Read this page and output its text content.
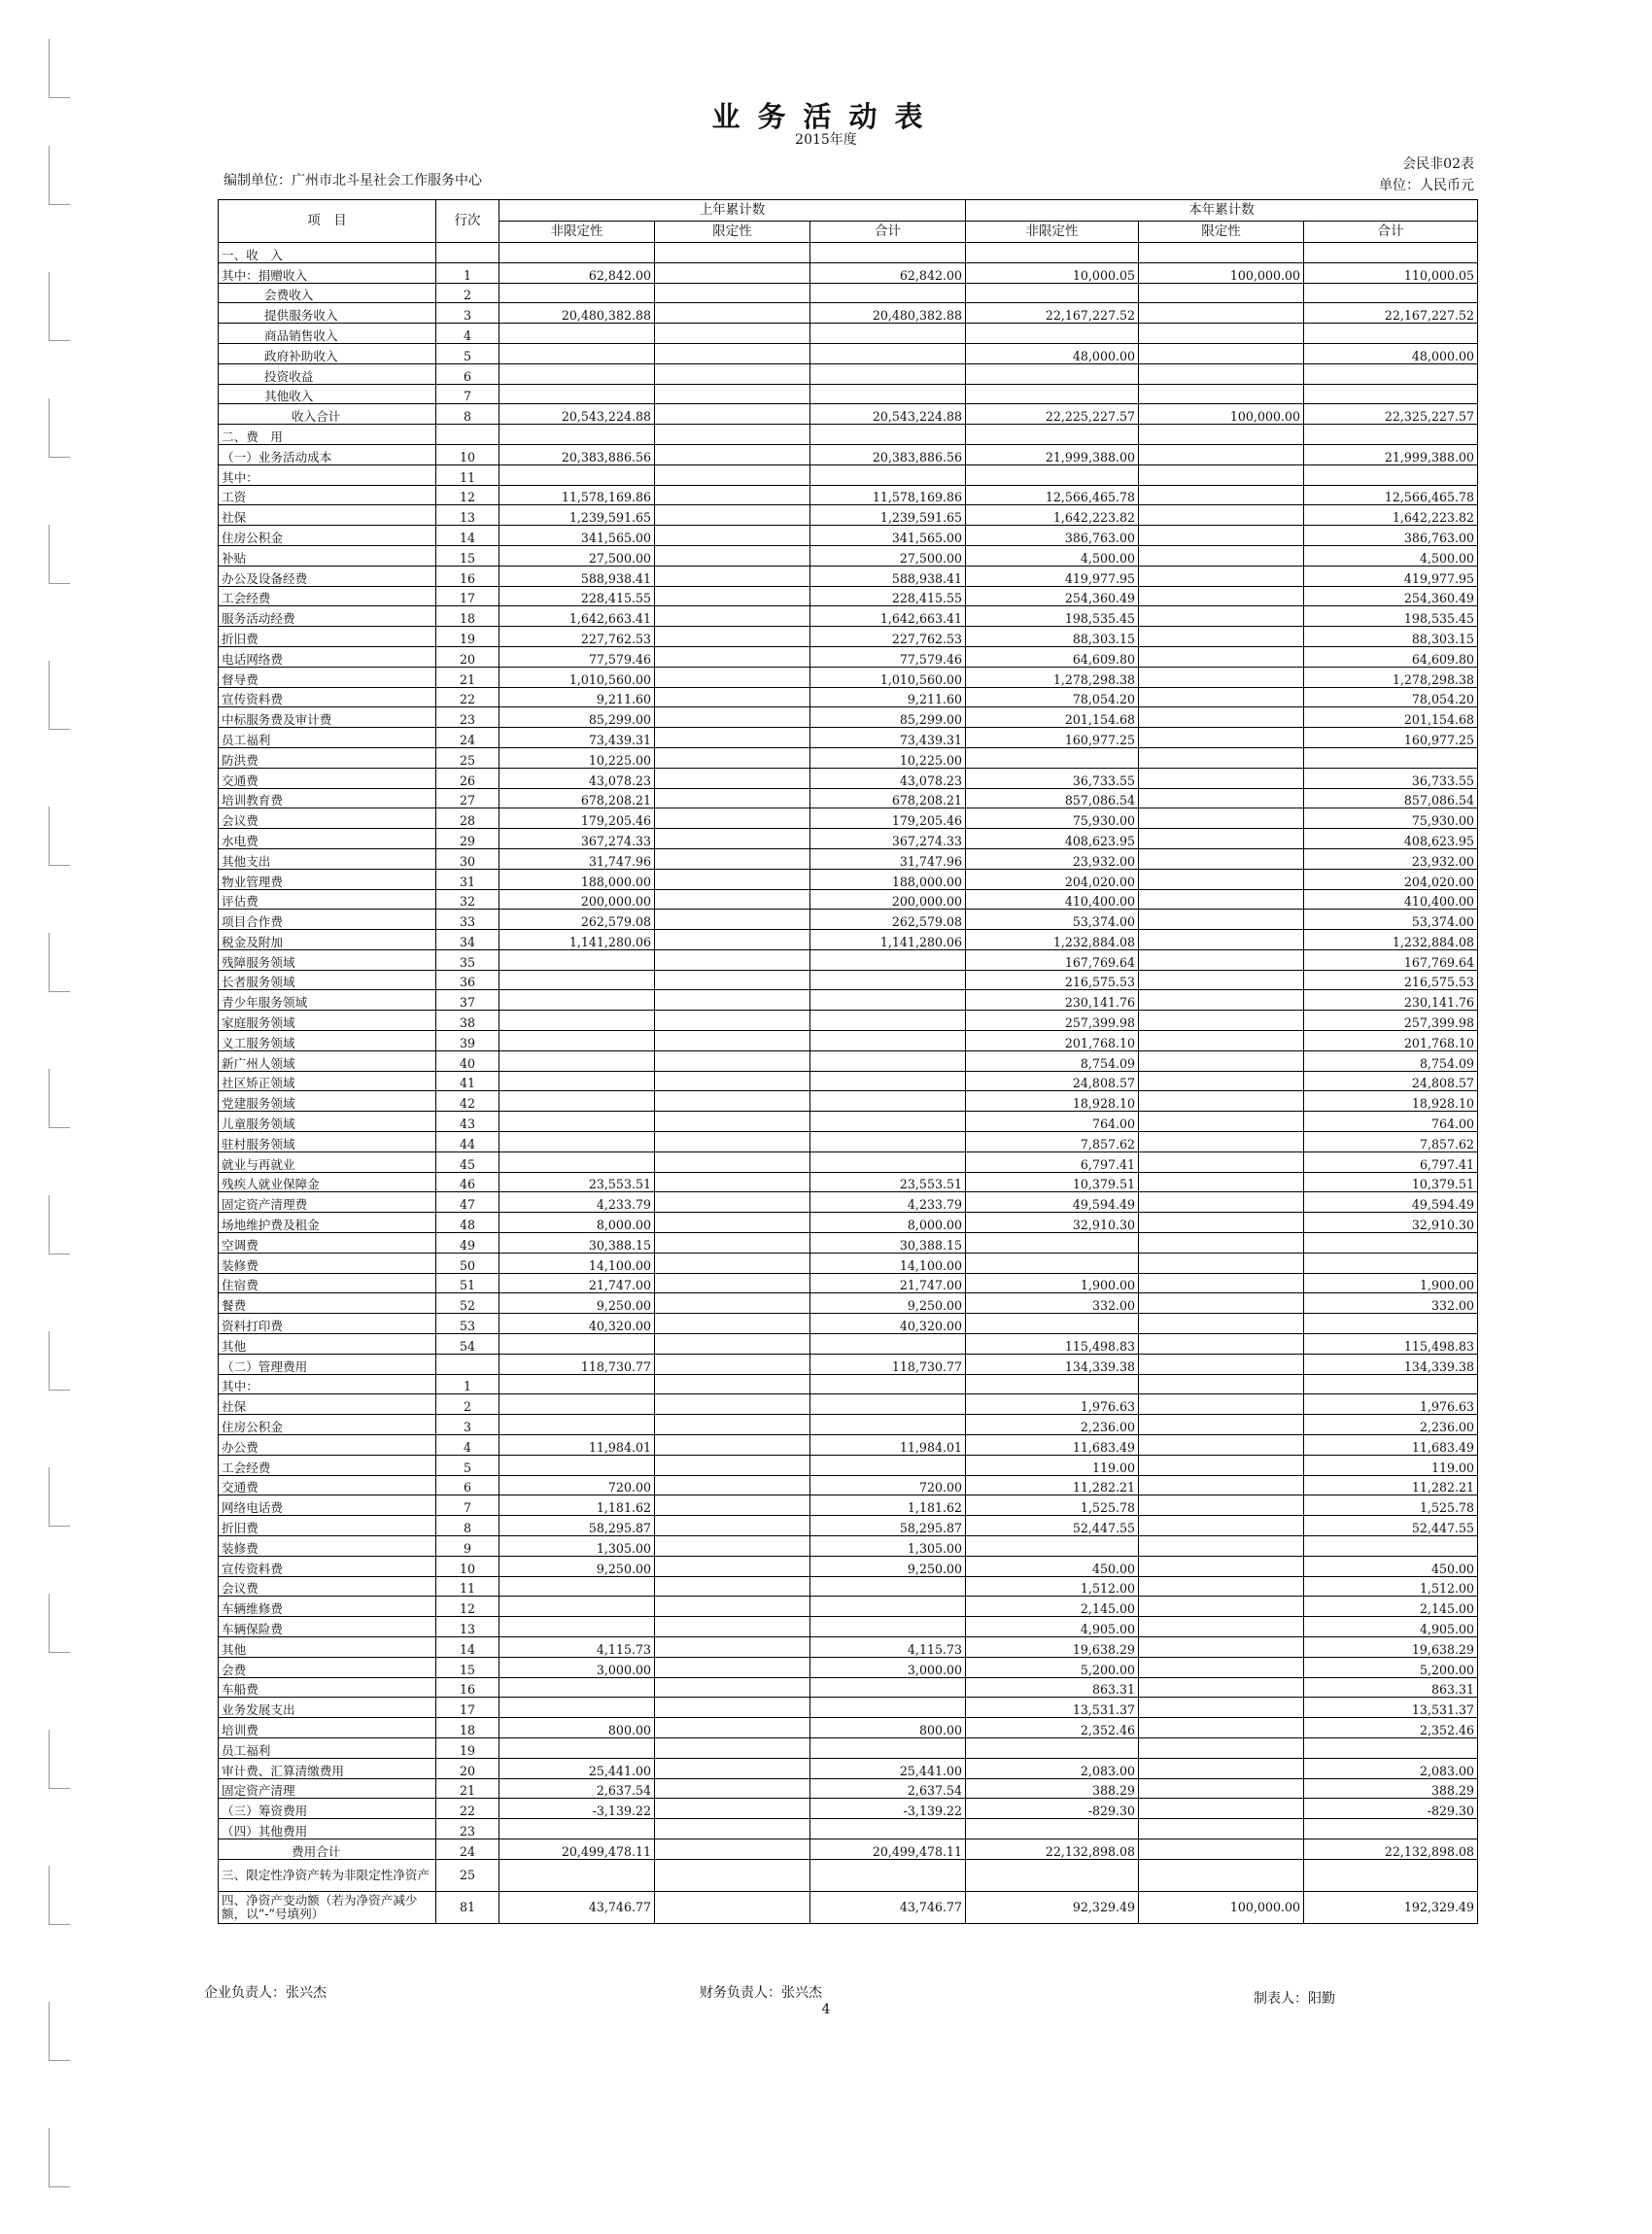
业务活动表
2015年度
会民非02表
编制单位：广州市北斗星社会工作服务中心	单位：人民币元
项　目	行次	上年累计数			本年累计数		
		非限定性	限定性	合计	非限定性	限定性	合计
一、收　入							
其中：捐赠收入	1	62,842.00		62,842.00	10,000.05	100,000.00	110,000.05
会费收入	2						
提供服务收入	3	20,480,382.88		20,480,382.88	22,167,227.52		22,167,227.52
商品销售收入	4						
政府补助收入	5				48,000.00		48,000.00
投资收益	6						
其他收入	7						
收入合计	8	20,543,224.88		20,543,224.88	22,225,227.57	100,000.00	22,325,227.57
二、费　用							
（一）业务活动成本	10	20,383,886.56		20,383,886.56	21,999,388.00		21,999,388.00
其中：	11						
工资	12	11,578,169.86		11,578,169.86	12,566,465.78		12,566,465.78
社保	13	1,239,591.65		1,239,591.65	1,642,223.82		1,642,223.82
住房公积金	14	341,565.00		341,565.00	386,763.00		386,763.00
补贴	15	27,500.00		27,500.00	4,500.00		4,500.00
办公及设备经费	16	588,938.41		588,938.41	419,977.95		419,977.95
工会经费	17	228,415.55		228,415.55	254,360.49		254,360.49
服务活动经费	18	1,642,663.41		1,642,663.41	198,535.45		198,535.45
折旧费	19	227,762.53		227,762.53	88,303.15		88,303.15
电话网络费	20	77,579.46		77,579.46	64,609.80		64,609.80
督导费	21	1,010,560.00		1,010,560.00	1,278,298.38		1,278,298.38
宣传资料费	22	9,211.60		9,211.60	78,054.20		78,054.20
中标服务费及审计费	23	85,299.00		85,299.00	201,154.68		201,154.68
员工福利	24	73,439.31		73,439.31	160,977.25		160,977.25
防洪费	25	10,225.00		10,225.00			
交通费	26	43,078.23		43,078.23	36,733.55		36,733.55
培训教育费	27	678,208.21		678,208.21	857,086.54		857,086.54
会议费	28	179,205.46		179,205.46	75,930.00		75,930.00
水电费	29	367,274.33		367,274.33	408,623.95		408,623.95
其他支出	30	31,747.96		31,747.96	23,932.00		23,932.00
物业管理费	31	188,000.00		188,000.00	204,020.00		204,020.00
评估费	32	200,000.00		200,000.00	410,400.00		410,400.00
项目合作费	33	262,579.08		262,579.08	53,374.00		53,374.00
税金及附加	34	1,141,280.06		1,141,280.06	1,232,884.08		1,232,884.08
残障服务领域	35				167,769.64		167,769.64
长者服务领域	36				216,575.53		216,575.53
青少年服务领域	37				230,141.76		230,141.76
家庭服务领域	38				257,399.98		257,399.98
义工服务领域	39				201,768.10		201,768.10
新广州人领域	40				8,754.09		8,754.09
社区矫正领域	41				24,808.57		24,808.57
党建服务领域	42				18,928.10		18,928.10
儿童服务领域	43				764.00		764.00
驻村服务领域	44				7,857.62		7,857.62
就业与再就业	45				6,797.41		6,797.41
残疾人就业保障金	46	23,553.51		23,553.51	10,379.51		10,379.51
固定资产清理费	47	4,233.79		4,233.79	49,594.49		49,594.49
场地维护费及租金	48	8,000.00		8,000.00	32,910.30		32,910.30
空调费	49	30,388.15		30,388.15			
装修费	50	14,100.00		14,100.00			
住宿费	51	21,747.00		21,747.00	1,900.00		1,900.00
餐费	52	9,250.00		9,250.00	332.00		332.00
资料打印费	53	40,320.00		40,320.00			
其他	54				115,498.83		115,498.83
（二）管理费用		118,730.77		118,730.77	134,339.38		134,339.38
其中：	1						
社保	2				1,976.63		1,976.63
住房公积金	3				2,236.00		2,236.00
办公费	4	11,984.01		11,984.01	11,683.49		11,683.49
工会经费	5				119.00		119.00
交通费	6	720.00		720.00	11,282.21		11,282.21
网络电话费	7	1,181.62		1,181.62	1,525.78		1,525.78
折旧费	8	58,295.87		58,295.87	52,447.55		52,447.55
装修费	9	1,305.00		1,305.00			
宣传资料费	10	9,250.00		9,250.00	450.00		450.00
会议费	11				1,512.00		1,512.00
车辆维修费	12				2,145.00		2,145.00
车辆保险费	13				4,905.00		4,905.00
其他	14	4,115.73		4,115.73	19,638.29		19,638.29
会费	15	3,000.00		3,000.00	5,200.00		5,200.00
车船费	16				863.31		863.31
业务发展支出	17				13,531.37		13,531.37
培训费	18	800.00		800.00	2,352.46		2,352.46
员工福利	19						
审计费、汇算清缴费用	20	25,441.00		25,441.00	2,083.00		2,083.00
固定资产清理	21	2,637.54		2,637.54	388.29		388.29
（三）筹资费用	22	-3,139.22		-3,139.22	-829.30		-829.30
（四）其他费用	23						
费用合计	24	20,499,478.11		20,499,478.11	22,132,898.08		22,132,898.08
三、限定性净资产转为非限定性净资产	25						
四、净资产变动额（若为净资产减少额，以“-”号填列）	81	43,746.77		43,746.77	92,329.49	100,000.00	192,329.49
企业负责人：张兴杰	财务负责人：张兴杰	制表人：阳勤
4
